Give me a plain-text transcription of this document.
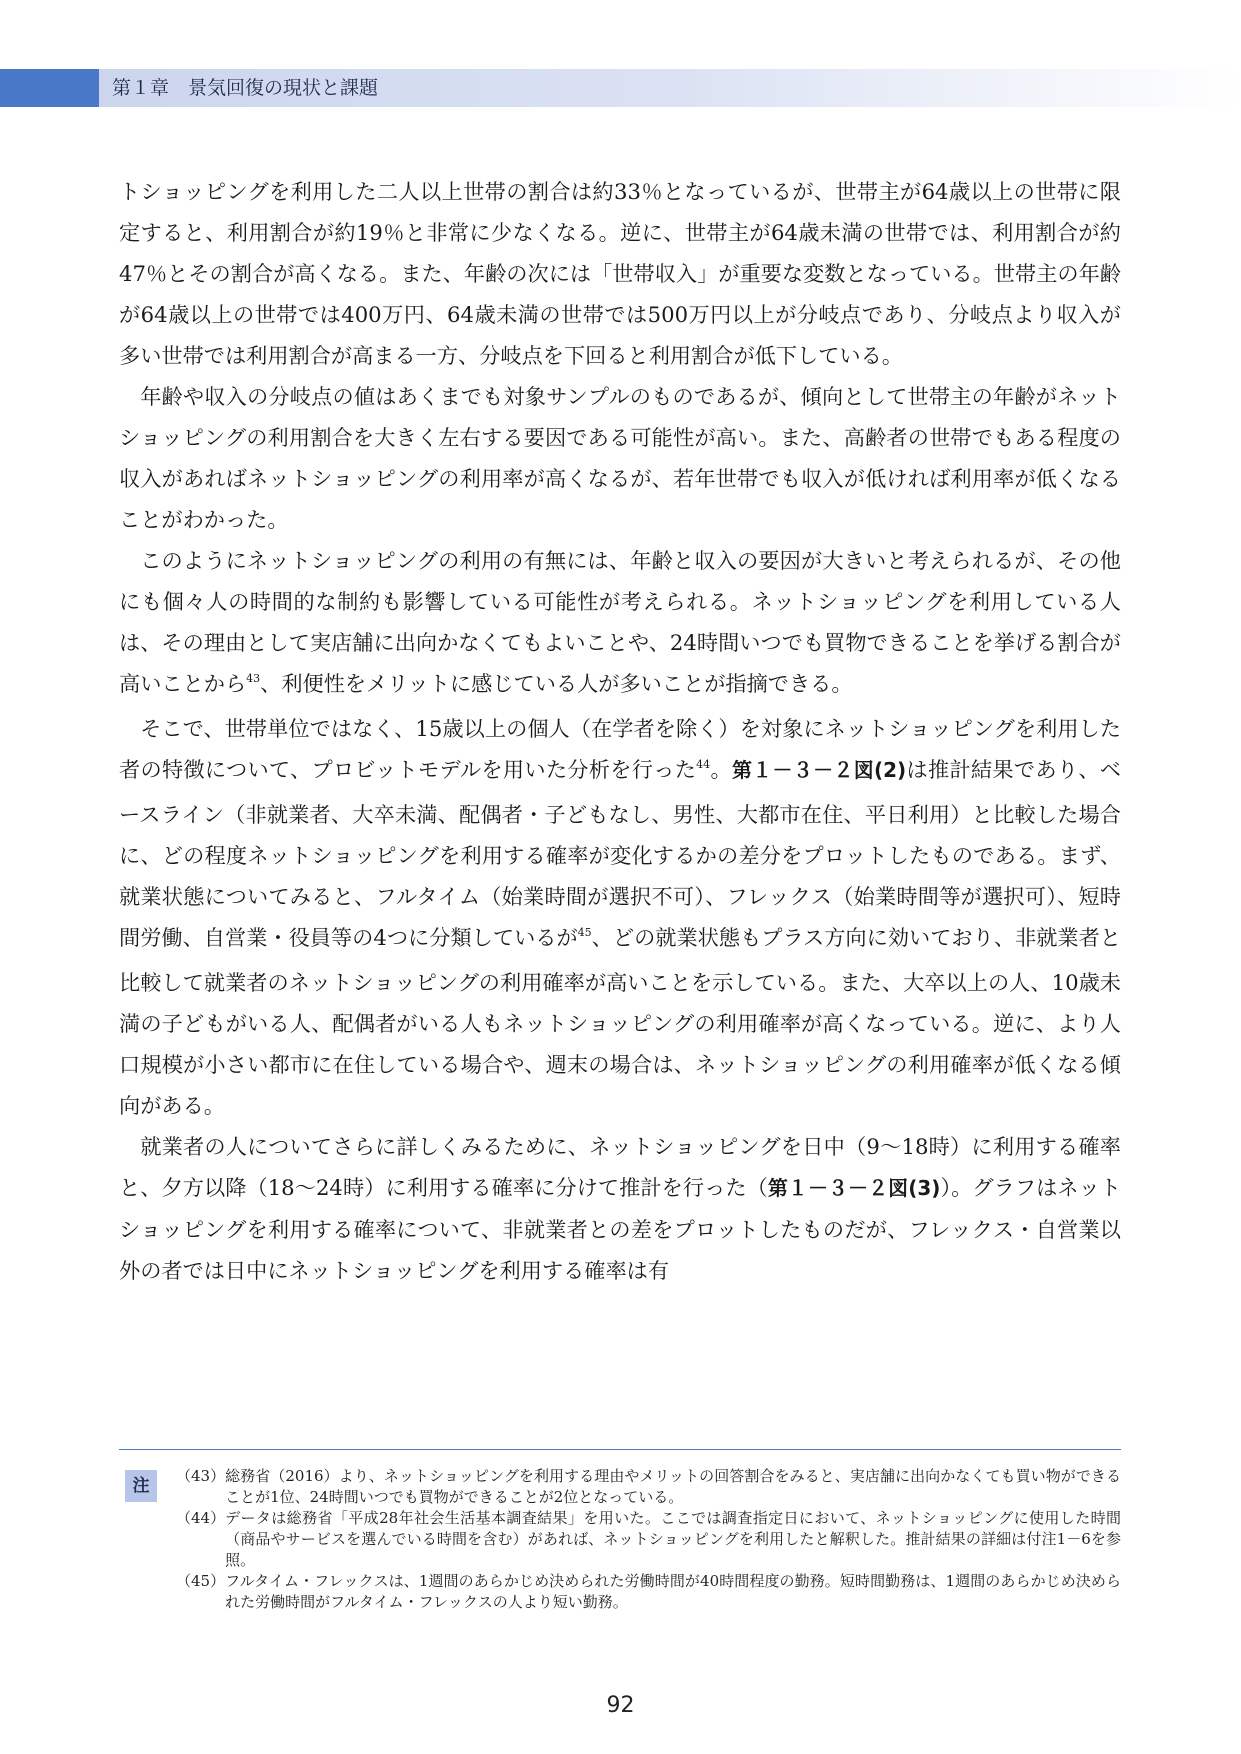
第１章　景気回復の現状と課題

トショッピングを利用した二人以上世帯の割合は約33％となっているが、世帯主が64歳以上の世帯に限定すると、利用割合が約19％と非常に少なくなる。逆に、世帯主が64歳未満の世帯では、利用割合が約47％とその割合が高くなる。また、年齢の次には「世帯収入」が重要な変数となっている。世帯主の年齢が64歳以上の世帯では400万円、64歳未満の世帯では500万円以上が分岐点であり、分岐点より収入が多い世帯では利用割合が高まる一方、分岐点を下回ると利用割合が低下している。

年齢や収入の分岐点の値はあくまでも対象サンプルのものであるが、傾向として世帯主の年齢がネットショッピングの利用割合を大きく左右する要因である可能性が高い。また、高齢者の世帯でもある程度の収入があればネットショッピングの利用率が高くなるが、若年世帯でも収入が低ければ利用率が低くなることがわかった。

このようにネットショッピングの利用の有無には、年齢と収入の要因が大きいと考えられるが、その他にも個々人の時間的な制約も影響している可能性が考えられる。ネットショッピングを利用している人は、その理由として実店舗に出向かなくてもよいことや、24時間いつでも買物できることを挙げる割合が高いことから$^{43}$、利便性をメリットに感じている人が多いことが指摘できる。

そこで、世帯単位ではなく、15歳以上の個人（在学者を除く）を対象にネットショッピングを利用した者の特徴について、プロビットモデルを用いた分析を行った$^{44}$。第１－３－２図(2)は推計結果であり、ベースライン（非就業者、大卒未満、配偶者・子どもなし、男性、大都市在住、平日利用）と比較した場合に、どの程度ネットショッピングを利用する確率が変化するかの差分をプロットしたものである。まず、就業状態についてみると、フルタイム（始業時間が選択不可）、フレックス（始業時間等が選択可）、短時間労働、自営業・役員等の4つに分類しているが$^{45}$、どの就業状態もプラス方向に効いており、非就業者と比較して就業者のネットショッピングの利用確率が高いことを示している。また、大卒以上の人、10歳未満の子どもがいる人、配偶者がいる人もネットショッピングの利用確率が高くなっている。逆に、より人口規模が小さい都市に在住している場合や、週末の場合は、ネットショッピングの利用確率が低くなる傾向がある。

就業者の人についてさらに詳しくみるために、ネットショッピングを日中（9～18時）に利用する確率と、夕方以降（18～24時）に利用する確率に分けて推計を行った（第１－３－２図(3)）。グラフはネットショッピングを利用する確率について、非就業者との差をプロットしたものだが、フレックス・自営業以外の者では日中にネットショッピングを利用する確率は有

注	（43） 総務省（2016）より、ネットショッピングを利用する理由やメリットの回答割合をみると、実店舗に出向かなくても買い物ができることが1位、24時間いつでも買物ができることが2位となっている。
（44） データは総務省「平成28年社会生活基本調査結果」を用いた。ここでは調査指定日において、ネットショッピングに使用した時間（商品やサービスを選んでいる時間を含む）があれば、ネットショッピングを利用したと解釈した。推計結果の詳細は付注1－6を参照。
（45） フルタイム・フレックスは、1週間のあらかじめ決められた労働時間が40時間程度の勤務。短時間勤務は、1週間のあらかじめ決められた労働時間がフルタイム・フレックスの人より短い勤務。
92
